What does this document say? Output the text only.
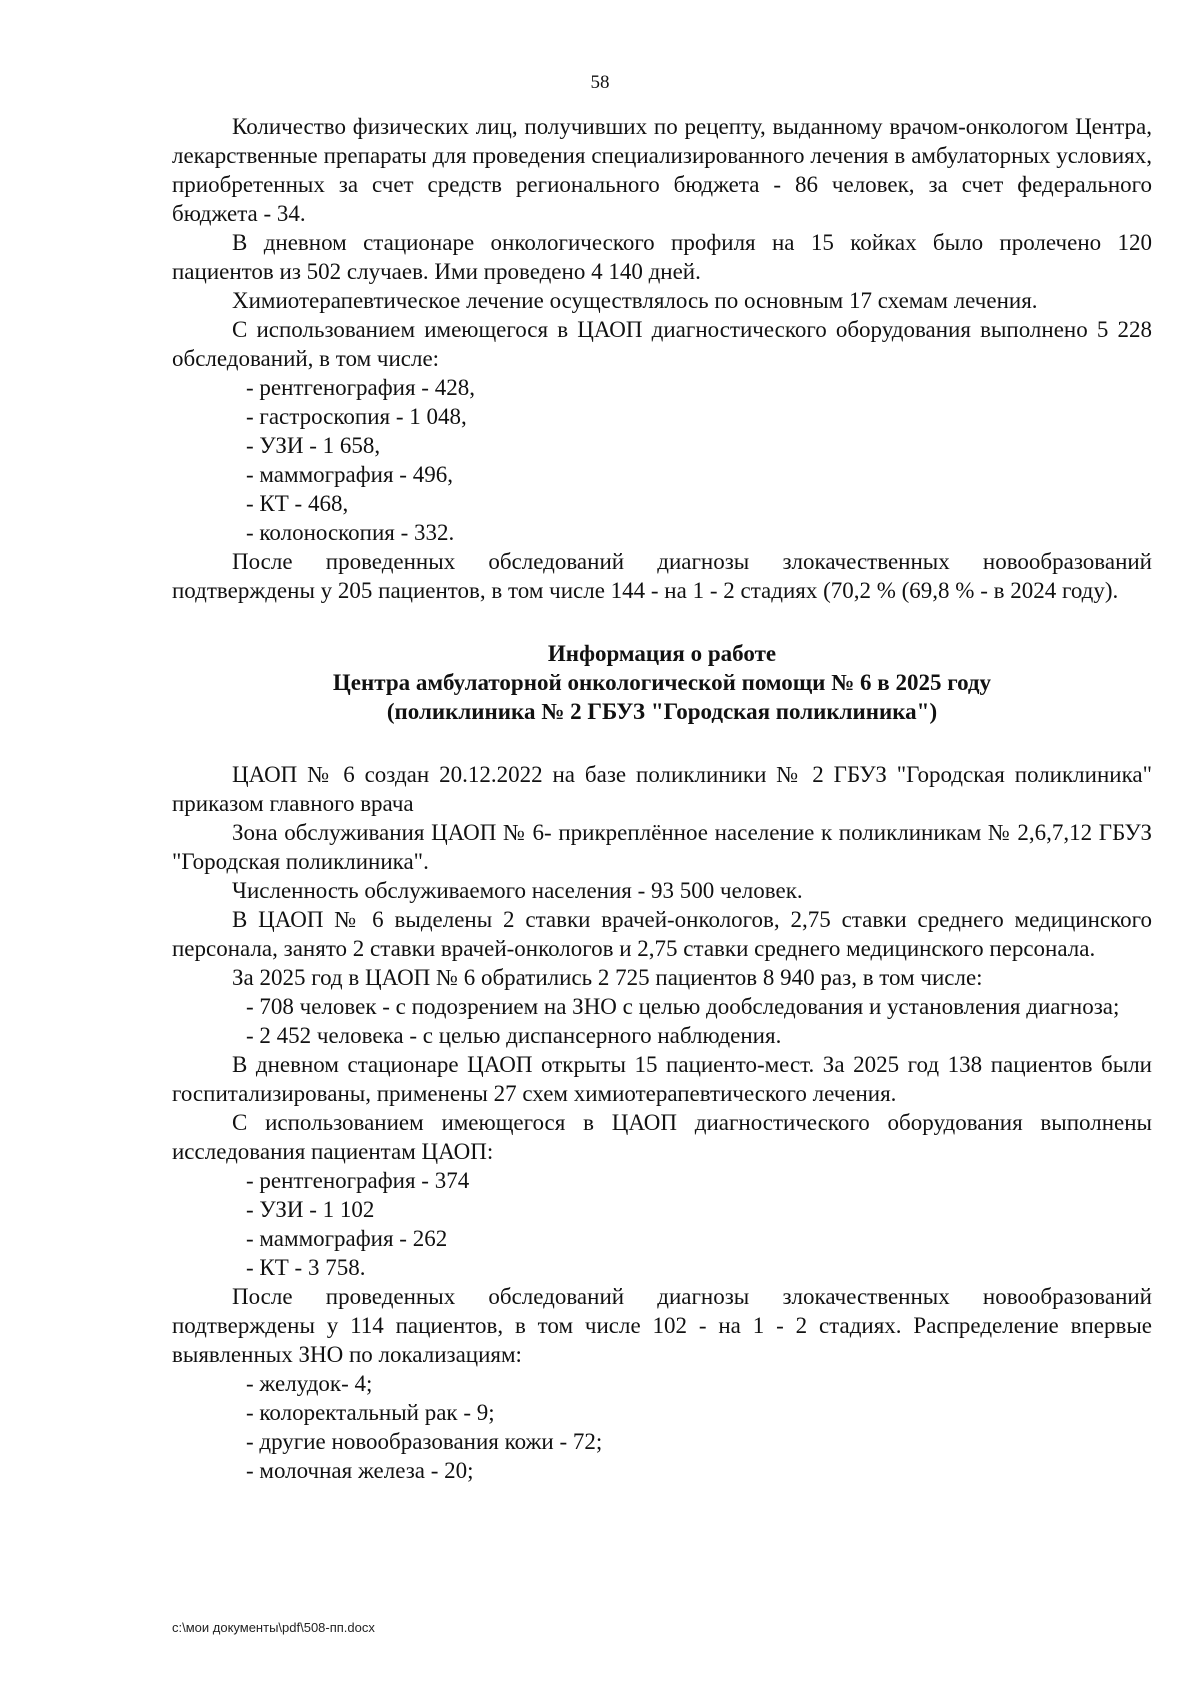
58

Количество физических лиц, получивших по рецепту, выданному врачом-онкологом Центра, лекарственные препараты для проведения специализированного лечения в амбулаторных условиях, приобретенных за счет средств регионального бюджета - 86 человек, за счет федерального бюджета - 34.

В дневном стационаре онкологического профиля на 15 койках было пролечено 120 пациентов из 502 случаев. Ими проведено 4 140 дней.

Химиотерапевтическое лечение осуществлялось по основным 17 схемам лечения.

С использованием имеющегося в ЦАОП диагностического оборудования выполнено 5 228 обследований, в том числе:

- рентгенография - 428,

- гастроскопия - 1 048,

- УЗИ - 1 658,

- маммография - 496,

- КТ - 468,

- колоноскопия - 332.

После проведенных обследований диагнозы злокачественных новообразований подтверждены у 205 пациентов, в том числе 144 - на 1 - 2 стадиях (70,2 % (69,8 % - в 2024 году).

Информация о работе
Центра амбулаторной онкологической помощи № 6 в 2025 году
(поликлиника № 2 ГБУЗ "Городская поликлиника")

ЦАОП № 6 создан 20.12.2022 на базе поликлиники № 2 ГБУЗ "Городская поликлиника" приказом главного врача

Зона обслуживания ЦАОП № 6- прикреплённое население к поликлиникам № 2,6,7,12 ГБУЗ "Городская поликлиника".

Численность обслуживаемого населения - 93 500 человек.

В ЦАОП № 6 выделены 2 ставки врачей-онкологов, 2,75 ставки среднего медицинского персонала, занято 2 ставки врачей-онкологов и 2,75 ставки среднего медицинского персонала.

За 2025 год в ЦАОП № 6 обратились 2 725 пациентов 8 940 раз, в том числе:

- 708 человек - с подозрением на ЗНО с целью дообследования и установления диагноза;

- 2 452 человека - с целью диспансерного наблюдения.

В дневном стационаре ЦАОП открыты 15 пациенто-мест. За 2025 год 138 пациентов были госпитализированы, применены 27 схем химиотерапевтического лечения.

С использованием имеющегося в ЦАОП диагностического оборудования выполнены исследования пациентам ЦАОП:

- рентгенография - 374

- УЗИ - 1 102

- маммография - 262

- КТ - 3 758.

После проведенных обследований диагнозы злокачественных новообразований подтверждены у 114 пациентов, в том числе 102 - на 1 - 2 стадиях. Распределение впервые выявленных ЗНО по локализациям:

- желудок- 4;

- колоректальный рак - 9;

- другие новообразования кожи - 72;

- молочная железа - 20;

c:\мои документы\pdf\508-пп.docx
